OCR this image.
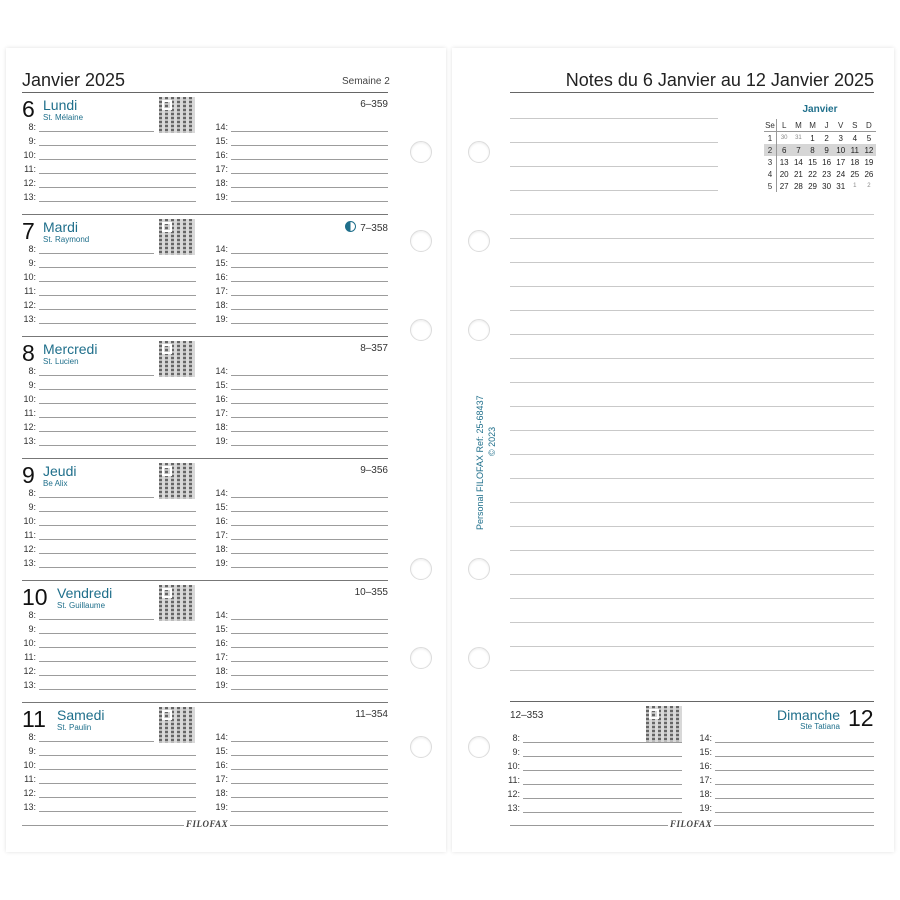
Janvier 2025	Semaine 2
6 Lundi
St. Mélaine
6–359
8:
9:
10:
11:
12:
13:
14:
15:
16:
17:
18:
19:
7 Mardi
St. Raymond
7–358
8:
9:
10:
11:
12:
13:
14:
15:
16:
17:
18:
19:
8 Mercredi
St. Lucien
8–357
8:
9:
10:
11:
12:
13:
14:
15:
16:
17:
18:
19:
9 Jeudi
Be Alix
9–356
8:
9:
10:
11:
12:
13:
14:
15:
16:
17:
18:
19:
10 Vendredi
St. Guillaume
10–355
8:
9:
10:
11:
12:
13:
14:
15:
16:
17:
18:
19:
11 Samedi
St. Paulin
11–354
8:
9:
10:
11:
12:
13:
14:
15:
16:
17:
18:
19:
FILOFAX
Personal FILOFAX Ref: 25-68437 © 2023
Notes du 6 Janvier au 12 Janvier 2025
Janvier
Se	L	M	M	J	V	S	D
1	30	31	1	2	3	4	5
2	6	7	8	9	10	11	12
3	13	14	15	16	17	18	19
4	20	21	22	23	24	25	26
5	27	28	29	30	31	1	2
12–353	Dimanche
Ste Tatiana 12
8:
9:
10:
11:
12:
13:
14:
15:
16:
17:
18:
19:
FILOFAX
